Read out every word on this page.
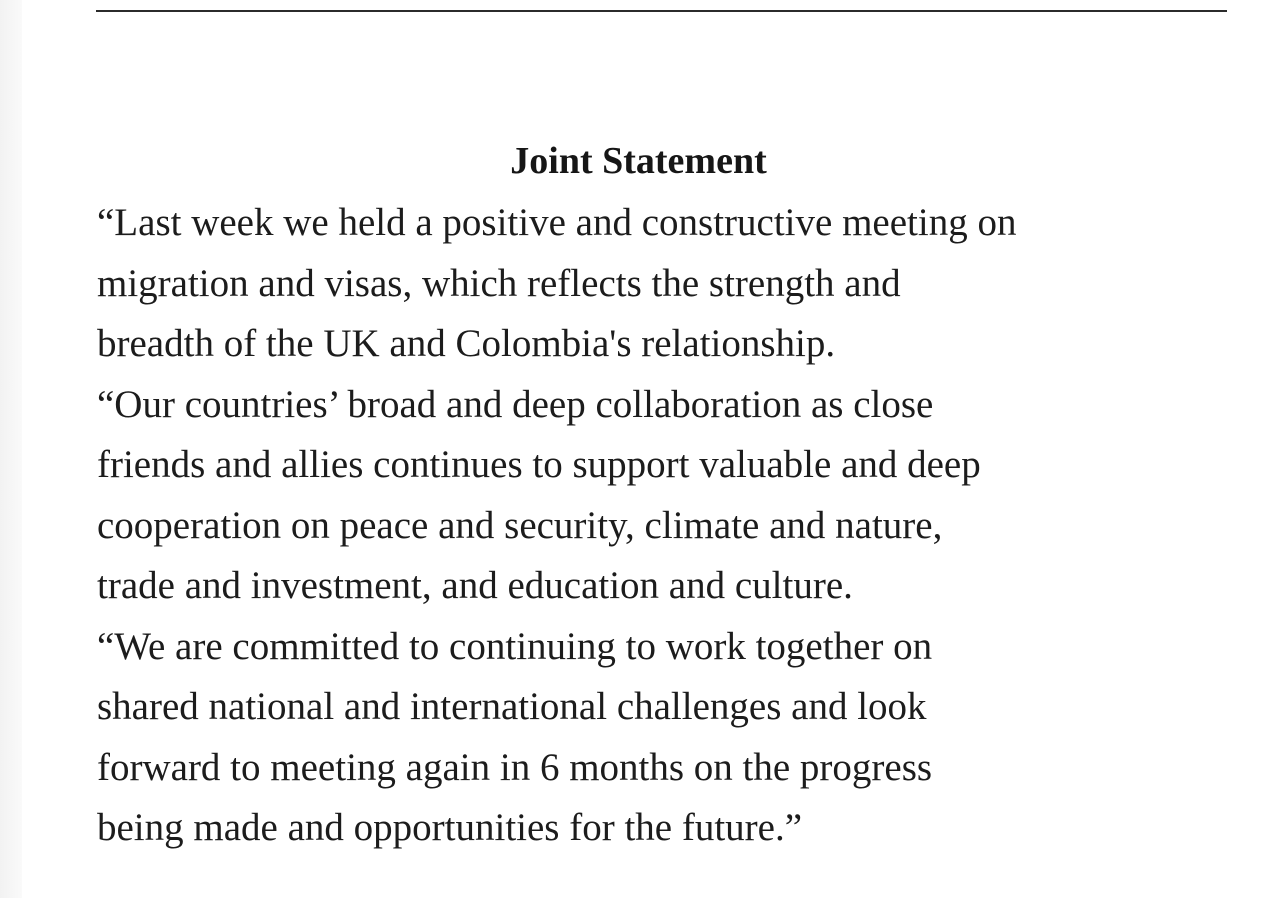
Joint Statement
“Last week we held a positive and constructive meeting on
migration and visas, which reflects the strength and
breadth of the UK and Colombia's relationship.
“Our countries’ broad and deep collaboration as close
friends and allies continues to support valuable and deep
cooperation on peace and security, climate and nature,
trade and investment, and education and culture.
“We are committed to continuing to work together on
shared national and international challenges and look
forward to meeting again in 6 months on the progress
being made and opportunities for the future.”
